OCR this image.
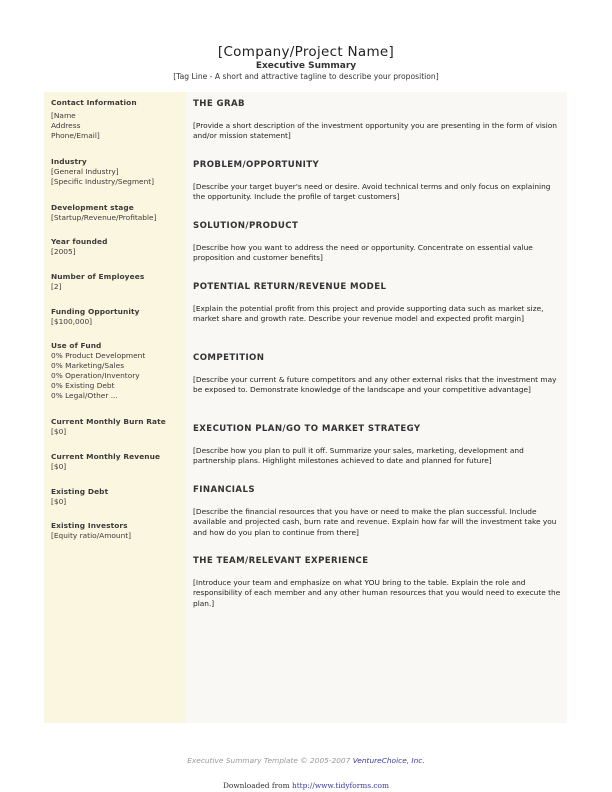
[Company/Project Name]
Executive Summary
[Tag Line - A short and attractive tagline to describe your proposition]
Contact Information
[Name
Address
Phone/Email]
Industry
[General Industry]
[Specific Industry/Segment]
Development stage
[Startup/Revenue/Profitable]
Year founded
[2005]
Number of Employees
[2]
Funding Opportunity
[$100,000]
Use of Fund
0% Product Development
0% Marketing/Sales
0% Operation/Inventory
0% Existing Debt
0% Legal/Other ...
Current Monthly Burn Rate
[$0]
Current Monthly Revenue
[$0]
Existing Debt
[$0]
Existing Investors
[Equity ratio/Amount]
THE GRAB
[Provide a short description of the investment opportunity you are presenting in the form of vision and/or mission statement]
PROBLEM/OPPORTUNITY
[Describe your target buyer's need or desire. Avoid technical terms and only focus on explaining the opportunity. Include the profile of target customers]
SOLUTION/PRODUCT
[Describe how you want to address the need or opportunity. Concentrate on essential value proposition and customer benefits]
POTENTIAL RETURN/REVENUE MODEL
[Explain the potential profit from this project and provide supporting data such as market size, market share and growth rate. Describe your revenue model and expected profit margin]
COMPETITION
[Describe your current & future competitors and any other external risks that the investment may be exposed to. Demonstrate knowledge of the landscape and your competitive advantage]
EXECUTION PLAN/GO TO MARKET STRATEGY
[Describe how you plan to pull it off. Summarize your sales, marketing, development and partnership plans. Highlight milestones achieved to date and planned for future]
FINANCIALS
[Describe the financial resources that you have or need to make the plan successful. Include available and projected cash, burn rate and revenue. Explain how far will the investment take you and how do you plan to continue from there]
THE TEAM/RELEVANT EXPERIENCE
[Introduce your team and emphasize on what YOU bring to the table. Explain the role and responsibility of each member and any other human resources that you would need to execute the plan.]
Executive Summary Template © 2005-2007 VentureChoice, Inc.
Downloaded from http://www.tidyforms.com
